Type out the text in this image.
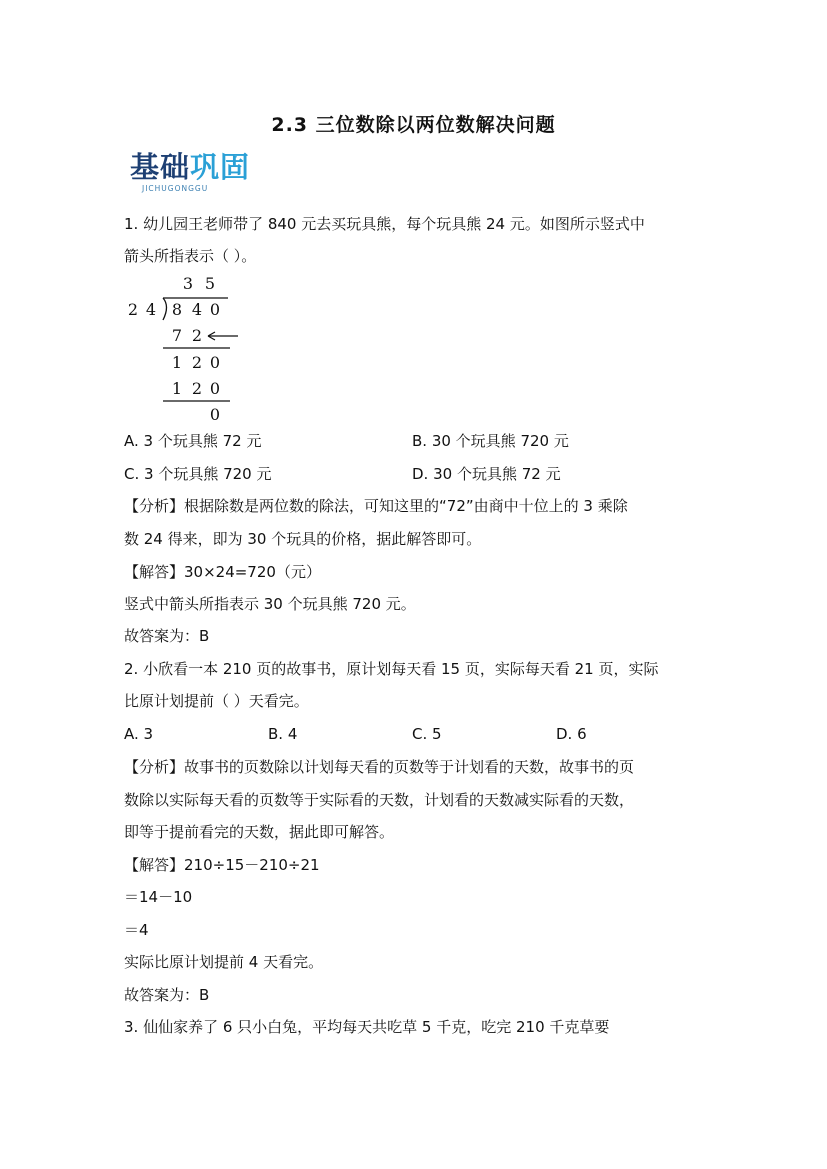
2.3 三位数除以两位数解决问题
基础巩固
JICHUGONGGU
1. 幼儿园王老师带了 840 元去买玩具熊，每个玩具熊 24 元。如图所示竖式中
箭头所指表示（ ）。
3 5
2 4 8 4 0
7 2
1 2 0
1 2 0
0
A. 3 个玩具熊 72 元	B. 30 个玩具熊 720 元
C. 3 个玩具熊 720 元	D. 30 个玩具熊 72 元
【分析】根据除数是两位数的除法，可知这里的“72”由商中十位上的 3 乘除
数 24 得来，即为 30 个玩具的价格，据此解答即可。
【解答】30×24=720（元）
竖式中箭头所指表示 30 个玩具熊 720 元。
故答案为：B
2. 小欣看一本 210 页的故事书，原计划每天看 15 页，实际每天看 21 页，实际
比原计划提前（ ）天看完。
A. 3	B. 4	C. 5	D. 6
【分析】故事书的页数除以计划每天看的页数等于计划看的天数，故事书的页
数除以实际每天看的页数等于实际看的天数，计划看的天数减实际看的天数，
即等于提前看完的天数，据此即可解答。
【解答】210÷15－210÷21
＝14－10
＝4
实际比原计划提前 4 天看完。
故答案为：B
3. 仙仙家养了 6 只小白兔，平均每天共吃草 5 千克，吃完 210 千克草要
